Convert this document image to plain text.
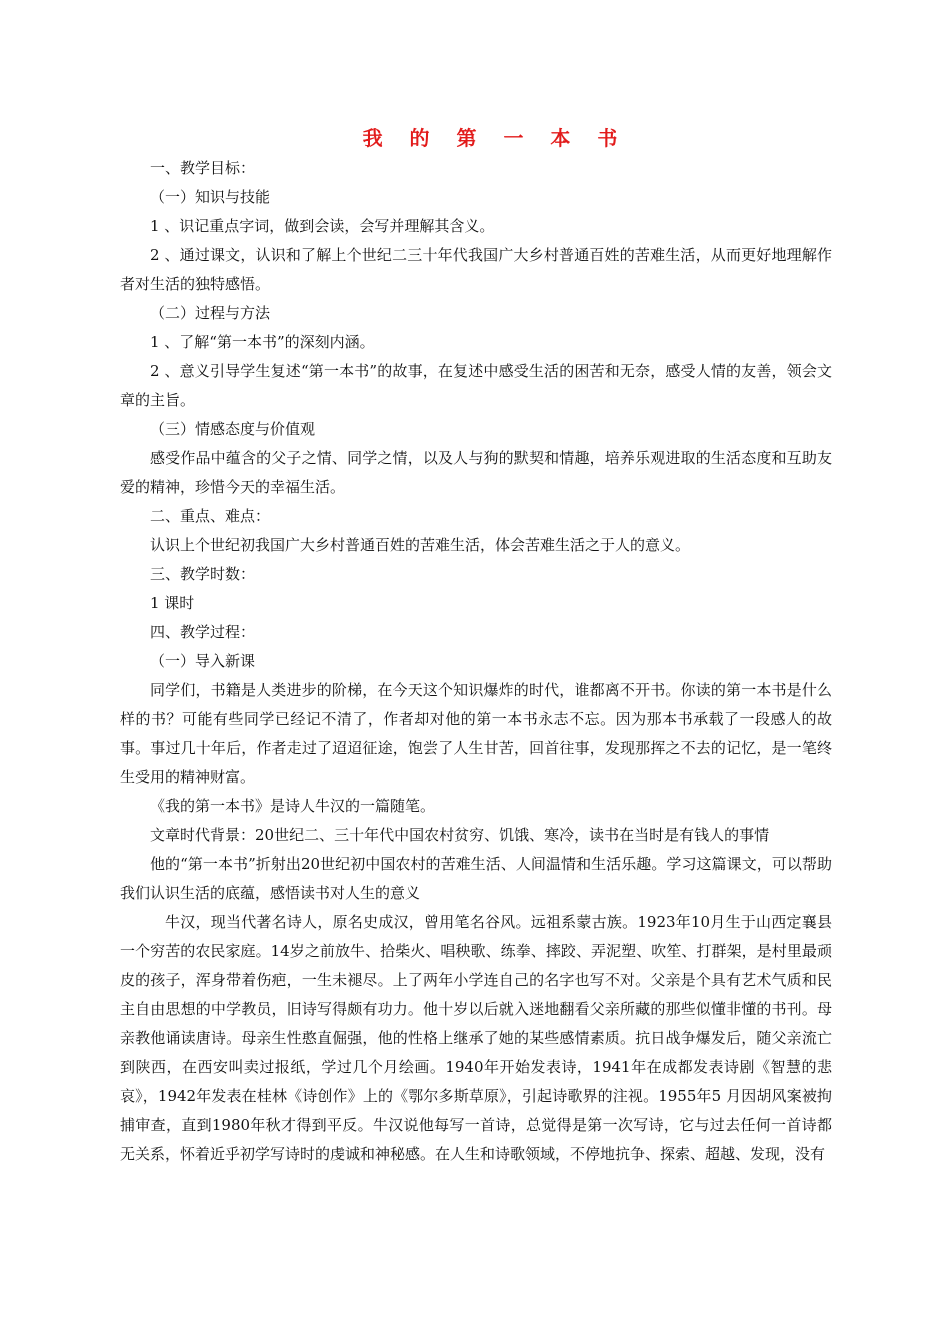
我 的 第 一 本 书

一、教学目标：

（一）知识与技能

1 、识记重点字词，做到会读，会写并理解其含义。

2 、通过课文，认识和了解上个世纪二三十年代我国广大乡村普通百姓的苦难生活，从而更好地理解作者对生活的独特感悟。

（二）过程与方法

1 、了解“第一本书”的深刻内涵。

2 、意义引导学生复述“第一本书”的故事，在复述中感受生活的困苦和无奈，感受人情的友善，领会文章的主旨。

（三）情感态度与价值观

感受作品中蕴含的父子之情、同学之情，以及人与狗的默契和情趣，培养乐观进取的生活态度和互助友爱的精神，珍惜今天的幸福生活。

二、重点、难点：

认识上个世纪初我国广大乡村普通百姓的苦难生活，体会苦难生活之于人的意义。

三、教学时数：

1 课时

四、教学过程：

（一）导入新课

同学们，书籍是人类进步的阶梯，在今天这个知识爆炸的时代，谁都离不开书。你读的第一本书是什么样的书？可能有些同学已经记不清了，作者却对他的第一本书永志不忘。因为那本书承载了一段感人的故事。事过几十年后，作者走过了迢迢征途，饱尝了人生甘苦，回首往事，发现那挥之不去的记忆，是一笔终生受用的精神财富。

《我的第一本书》是诗人牛汉的一篇随笔。

文章时代背景：20世纪二、三十年代中国农村贫穷、饥饿、寒冷，读书在当时是有钱人的事情

他的“第一本书”折射出20世纪初中国农村的苦难生活、人间温情和生活乐趣。学习这篇课文，可以帮助我们认识生活的底蕴，感悟读书对人生的意义

牛汉，现当代著名诗人，原名史成汉，曾用笔名谷风。远祖系蒙古族。1923年10月生于山西定襄县一个穷苦的农民家庭。14岁之前放牛、拾柴火、唱秧歌、练拳、摔跤、弄泥塑、吹笙、打群架，是村里最顽皮的孩子，浑身带着伤疤，一生未褪尽。上了两年小学连自己的名字也写不对。父亲是个具有艺术气质和民主自由思想的中学教员，旧诗写得颇有功力。他十岁以后就入迷地翻看父亲所藏的那些似懂非懂的书刊。母亲教他诵读唐诗。母亲生性憨直倔强，他的性格上继承了她的某些感情素质。抗日战争爆发后，随父亲流亡到陕西，在西安叫卖过报纸，学过几个月绘画。1940年开始发表诗，1941年在成都发表诗剧《智慧的悲哀》，1942年发表在桂林《诗创作》上的《鄂尔多斯草原》，引起诗歌界的注视。1955年5 月因胡风案被拘捕审查，直到1980年秋才得到平反。牛汉说他每写一首诗，总觉得是第一次写诗，它与过去任何一首诗都无关系，怀着近乎初学写诗时的虔诚和神秘感。在人生和诗歌领域，不停地抗争、探索、超越、发现，没有
